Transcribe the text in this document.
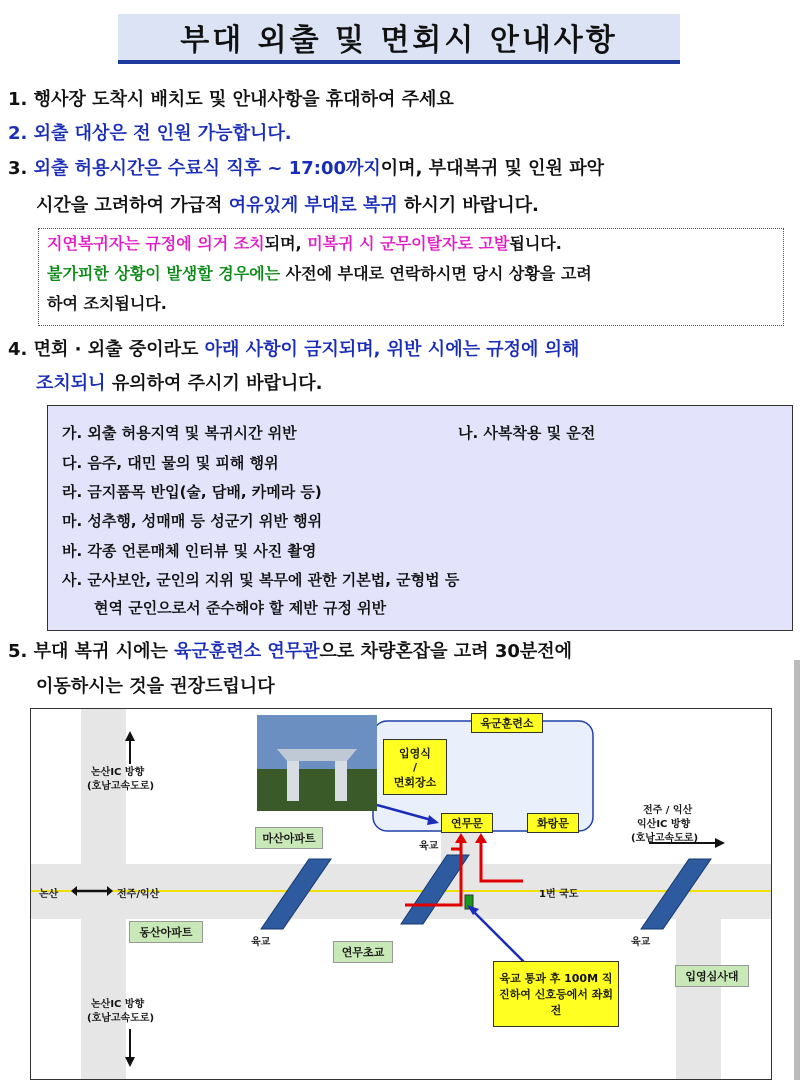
부대 외출 및 면회시 안내사항
1. 행사장 도착시 배치도 및 안내사항을 휴대하여 주세요
2. 외출 대상은 전 인원 가능합니다.
3. 외출 허용시간은 수료식 직후 ~ 17:00까지이며, 부대복귀 및 인원 파악
시간을 고려하여 가급적 여유있게 부대로 복귀 하시기 바랍니다.
지연복귀자는 규정에 의거 조치되며, 미복귀 시 군무이탈자로 고발됩니다.
불가피한 상황이 발생할 경우에는 사전에 부대로 연락하시면 당시 상황을 고려
하여 조치됩니다.
4. 면회 · 외출 중이라도 아래 사항이 금지되며, 위반 시에는 규정에 의해
조치되니 유의하여 주시기 바랍니다.
가. 외출 허용지역 및 복귀시간 위반	나. 사복착용 및 운전
다. 음주, 대민 물의 및 피해 행위
라. 금지품목 반입(술, 담배, 카메라 등)
마. 성추행, 성매매 등 성군기 위반 행위
바. 각종 언론매체 인터뷰 및 사진 촬영
사. 군사보안, 군인의 지위 및 복무에 관한 기본법, 군형법 등
현역 군인으로서 준수해야 할 제반 규정 위반
5. 부대 복귀 시에는 육군훈련소 연무관으로 차량혼잡을 고려 30분전에
이동하시는 것을 권장드립니다
논산IC 방향
(호남고속도로)
논산IC 방향
(호남고속도로)
논산	전주/익산
전주 / 익산
익산IC 방향
(호남고속도로)
1번 국도
육군훈련소
입영식
/
면회장소
연무문	화랑문
마산아파트
동산아파트
연무초교
입영심사대
육교
육교
육교
육교 통과 후 100M 직진하여 신호등에서 좌회전
